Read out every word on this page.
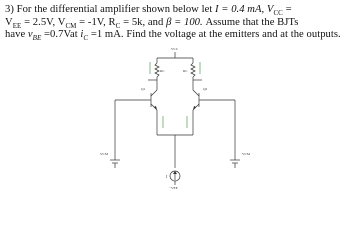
3) For the differential amplifier shown below let I = 0.4 mA, $V_{CC}$ =
$V_{EE} = 2.5V$, $V_{CM} = -1V$, $R_C = 5k$, and β = 100. Assume that the BJTs
have $v_{BE} =0.7Vat$ $i_C =1$ mA. Find the voltage at the emitters and at the outputs.
VCC
RC	RC
Q1	Q2
VCM	VCM
I
−VEE
